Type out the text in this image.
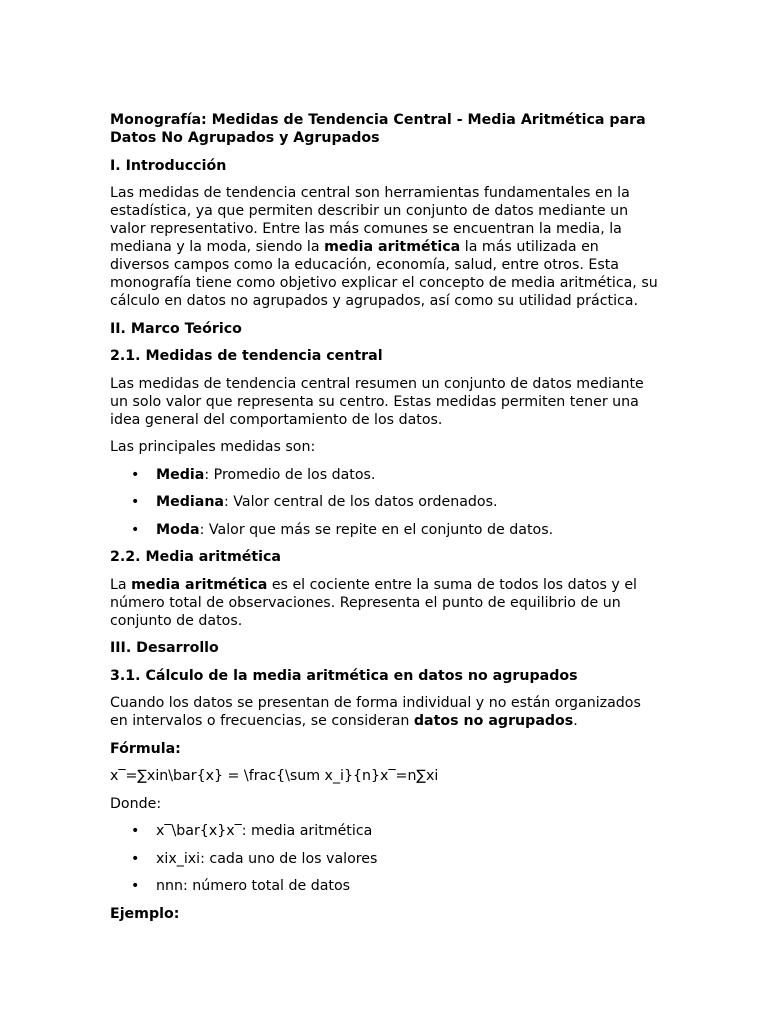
Monografía: Medidas de Tendencia Central - Media Aritmética para Datos No Agrupados y Agrupados
I. Introducción
Las medidas de tendencia central son herramientas fundamentales en la estadística, ya que permiten describir un conjunto de datos mediante un valor representativo. Entre las más comunes se encuentran la media, la mediana y la moda, siendo la media aritmética la más utilizada en diversos campos como la educación, economía, salud, entre otros. Esta monografía tiene como objetivo explicar el concepto de media aritmética, su cálculo en datos no agrupados y agrupados, así como su utilidad práctica.
II. Marco Teórico
2.1. Medidas de tendencia central
Las medidas de tendencia central resumen un conjunto de datos mediante un solo valor que representa su centro. Estas medidas permiten tener una idea general del comportamiento de los datos.
Las principales medidas son:
• Media: Promedio de los datos.
• Mediana: Valor central de los datos ordenados.
• Moda: Valor que más se repite en el conjunto de datos.
2.2. Media aritmética
La media aritmética es el cociente entre la suma de todos los datos y el número total de observaciones. Representa el punto de equilibrio de un conjunto de datos.
III. Desarrollo
3.1. Cálculo de la media aritmética en datos no agrupados
Cuando los datos se presentan de forma individual y no están organizados en intervalos o frecuencias, se consideran datos no agrupados.
Fórmula:
x‾=∑xin\bar{x} = \frac{\sum x_i}{n}x‾=n∑xi
Donde:
• x‾\bar{x}x‾: media aritmética
• xix_ixi: cada uno de los valores
• nnn: número total de datos
Ejemplo:
